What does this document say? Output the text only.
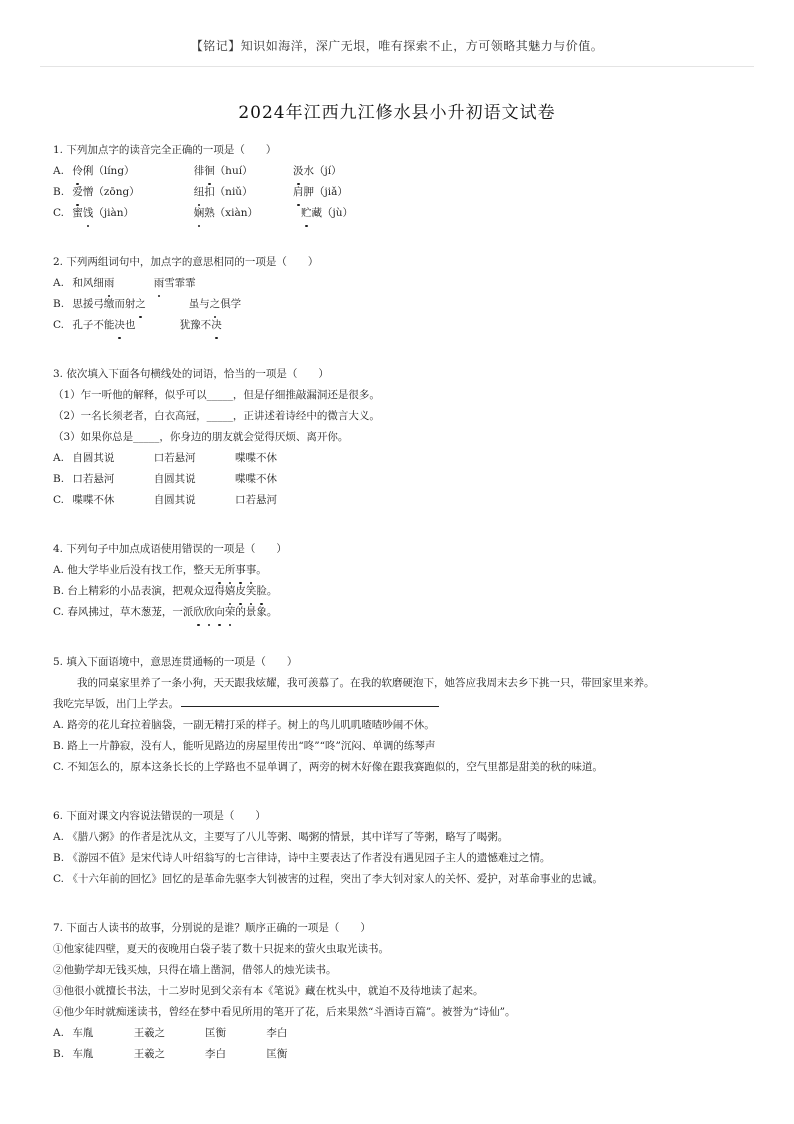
【铭记】知识如海洋，深广无垠，唯有探索不止，方可领略其魅力与价值。
2024年江西九江修水县小升初语文试卷
1. 下列加点字的读音完全正确的一项是（　　）
A. 伶俐（líng）	徘徊（huí）	汲水（jí）
B. 爱憎（zōng）	纽扣（niǔ）	肩胛（jiǎ）
C. 蜜饯（jiàn）	娴熟（xiàn）	贮藏（jù）
2. 下列两组词句中，加点字的意思相同的一项是（　　）
A. 和风细雨	雨雪霏霏
B. 思援弓缴而射之	虽与之俱学
C. 孔子不能决也	犹豫不决
3. 依次填入下面各句横线处的词语，恰当的一项是（　　）
（1）乍一听他的解释，似乎可以_____，但是仔细推敲漏洞还是很多。
（2）一名长须老者，白衣高冠，_____，正讲述着诗经中的微言大义。
（3）如果你总是_____，你身边的朋友就会觉得厌烦、离开你。
A. 自圆其说	口若悬河	喋喋不休
B. 口若悬河	自圆其说	喋喋不休
C. 喋喋不休	自圆其说	口若悬河
4. 下列句子中加点成语使用错误的一项是（　　）
A. 他大学毕业后没有找工作，整天无所事事。
B. 台上精彩的小品表演，把观众逗得嬉皮笑脸。
C. 春风拂过，草木葱茏，一派欣欣向荣的景象。
5. 填入下面语境中，意思连贯通畅的一项是（　　）
我的同桌家里养了一条小狗，天天跟我炫耀，我可羡慕了。在我的软磨硬泡下，她答应我周末去乡下挑一只，带回家里来养。
我吃完早饭，出门上学去。
A. 路旁的花儿耷拉着脑袋，一副无精打采的样子。树上的鸟儿叽叽喳喳吵闹不休。
B. 路上一片静寂，没有人，能听见路边的房屋里传出“咚”“咚”沉闷、单调的练琴声
C. 不知怎么的，原本这条长长的上学路也不显单调了，两旁的树木好像在跟我赛跑似的，空气里都是甜美的秋的味道。
6. 下面对课文内容说法错误的一项是（　　）
A. 《腊八粥》的作者是沈从文，主要写了八儿等粥、喝粥的情景，其中详写了等粥，略写了喝粥。
B. 《游园不值》是宋代诗人叶绍翁写的七言律诗，诗中主要表达了作者没有遇见园子主人的遗憾难过之情。
C. 《十六年前的回忆》回忆的是革命先驱李大钊被害的过程，突出了李大钊对家人的关怀、爱护，对革命事业的忠诚。
7. 下面古人读书的故事，分别说的是谁？顺序正确的一项是（　　）
①他家徒四壁，夏天的夜晚用白袋子装了数十只捉来的萤火虫取光读书。
②他勤学却无钱买烛，只得在墙上凿洞，借邻人的烛光读书。
③他很小就擅长书法，十二岁时见到父亲有本《笔说》藏在枕头中，就迫不及待地读了起来。
④他少年时就痴迷读书，曾经在梦中看见所用的笔开了花，后来果然“斗酒诗百篇”。被誉为“诗仙”。
A. 车胤	王羲之	匡衡	李白
B. 车胤	王羲之	李白	匡衡
